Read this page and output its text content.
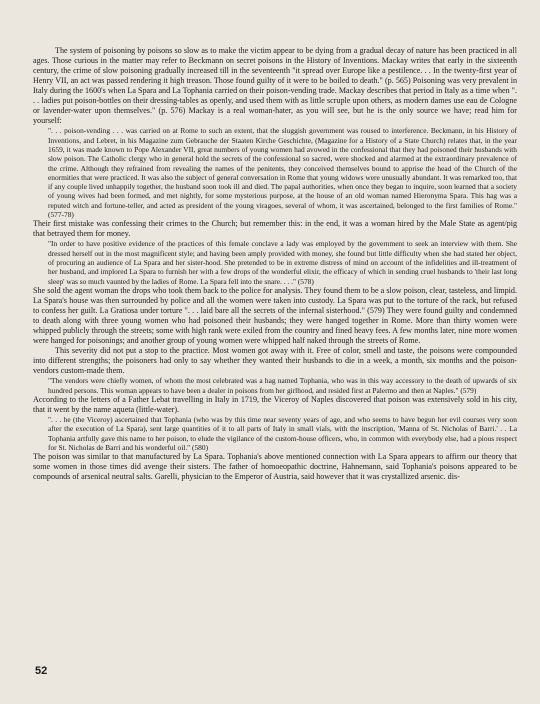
The system of poisoning by poisons so slow as to make the victim appear to be dying from a gradual decay of nature has been practiced in all ages. Those curious in the matter may refer to Beckmann on secret poisons in the History of Inventions. Mackay writes that early in the sixteenth century, the crime of slow poisoning gradually increased till in the seventeenth "it spread over Europe like a pestilence. . . In the twenty-first year of Henry VII, an act was passed rendering it high treason. Those found guilty of it were to be boiled to death." (p. 565) Poisoning was very prevalent in Italy during the 1600's when La Spara and La Tophania carried on their poison-vending trade. Mackay describes that period in Italy as a time when ". . . ladies put poison-bottles on their dressing-tables as openly, and used them with as little scruple upon others, as modern dames use eau de Cologne or lavender-water upon themselves." (p. 576) Mackay is a real woman-hater, as you will see, but he is the only source we have; read him for yourself:

". . . poison-vending . . . was carried on at Rome to such an extent, that the sluggish government was roused to interference. Beckmann, in his History of Inventions, and Lebret, in his Magazine zum Gebrauche der Staaten Kirche Geschichte, (Magazine for a History of a State Church) relates that, in the year 1659, it was made known to Pope Alexander VII, great numbers of young women had avowed in the confessional that they had poisoned their husbands with slow poison. The Catholic clergy who in general hold the secrets of the confessional so sacred, were shocked and alarmed at the extraordinary prevalence of the crime. Although they refrained from revealing the names of the penitents, they conceived themselves bound to apprise the head of the Church of the enormities that were practiced. It was also the subject of general conversation in Rome that young widows were unusually abundant. It was remarked too, that if any couple lived unhappily together, the husband soon took ill and died. The papal authorities, when once they began to inquire, soon learned that a society of young wives had been formed, and met nightly, for some mysterious purpose, at the house of an old woman named Hieronyma Spara. This hag was a reputed witch and fortune-teller, and acted as president of the young viragoes, several of whom, it was ascertained, belonged to the first families of Rome."(577-78)

Their first mistake was confessing their crimes to the Church; but remember this: in the end, it was a woman hired by the Male State as agent/pig that betrayed them for money.

"In order to have positive evidence of the practices of this female conclave a lady was employed by the government to seek an interview with them. She dressed herself out in the most magnificent style; and having been amply provided with money, she found but little difficulty when she had stated her object, of procuring an audience of La Spara and her sister-hood. She pretended to be in extreme distress of mind on account of the infidelities and ill-treatment of her husband, and implored La Spara to furnish her with a few drops of the wonderful elixir, the efficacy of which in sending cruel husbands to 'their last long sleep' was so much vaunted by the ladies of Rome. La Spara fell into the snare. . . ." (578)

She sold the agent woman the drops who took them back to the police for analysis. They found them to be a slow poison, clear, tasteless, and limpid. La Spara's house was then surrounded by police and all the women were taken into custody. La Spara was put to the torture of the rack, but refused to confess her guilt. La Gratiosa under torture ". . . laid bare all the secrets of the infernal sisterhood." (579) They were found guilty and condemned to death along with three young women who had poisoned their husbands; they were hanged together in Rome. More than thirty women were whipped publicly through the streets; some with high rank were exiled from the country and fined heavy fees. A few months later, nine more women were hanged for poisonings; and another group of young women were whipped half naked through the streets of Rome.

This severity did not put a stop to the practice. Most women got away with it. Free of color, smell and taste, the poisons were compounded into different strengths; the poisoners had only to say whether they wanted their husbands to die in a week, a month, six months and the poison-vendors custom-made them.

"The vendors were chiefly women, of whom the most celebrated was a hag named Tophania, who was in this way accessory to the death of upwards of six hundred persons. This woman appears to have been a dealer in poisons from her girlhood, and resided first at Palermo and then at Naples." (579)

According to the letters of a Father Lebat travelling in Italy in 1719, the Viceroy of Naples discovered that poison was extensively sold in his city, that it went by the name aqueta (little-water).

". . . he (the Viceroy) ascertained that Tophania (who was by this time near seventy years of age, and who seems to have begun her evil courses very soon after the execution of La Spara), sent large quantities of it to all parts of Italy in small vials, with the inscription, 'Manna of St. Nicholas of Barri.' . . La Tophania artfully gave this name to her poison, to elude the vigilance of the custom-house officers, who, in common with everybody else, had a pious respect for St. Nicholas de Barri and his wonderful oil." (580)

The poison was similar to that manufactured by La Spara. Tophania's above mentioned connection with La Spara appears to affirm our theory that some women in those times did avenge their sisters. The father of homoeopathic doctrine, Hahnemann, said Tophania's poisons appeared to be compounds of arsenical neutral salts. Garelli, physician to the Emperor of Austria, said however that it was crystallized arsenic. dis-

52
